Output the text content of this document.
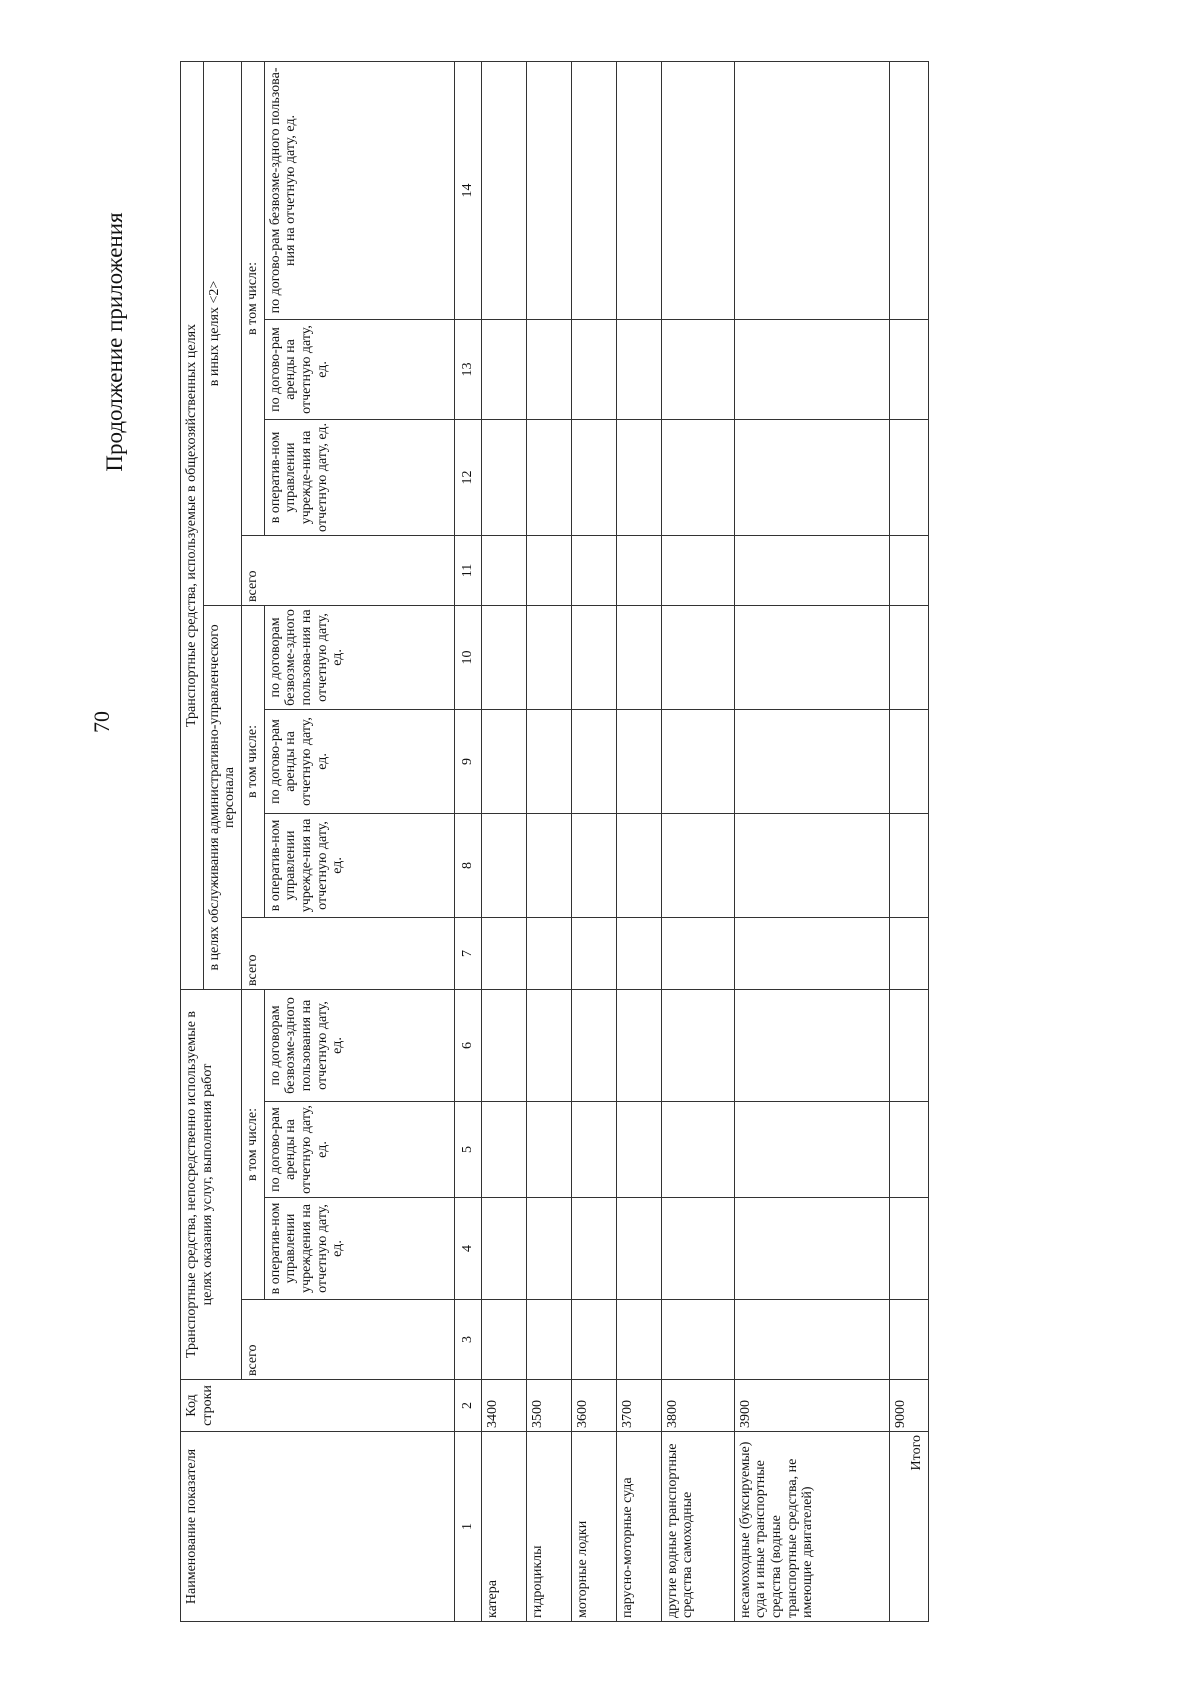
70
Продолжение приложения
Наименование показателя	Код строки	Транспортные средства, непосредственно используемые в целях оказания услуг, выполнения работ				Транспортные средства, используемые в общехозяйственных целях							
						в целях обслуживания административно-управленческого персонала				в иных целях <2>			
		всего	в том числе:			всего	в том числе:			всего	в том числе:		
			в оператив-ном управлении учреждения на отчетную дату, ед.	по догово-рам аренды на отчетную дату, ед.	по договорам безвозме-здного пользования на отчетную дату, ед.		в оператив-ном управлении учрежде-ния на отчетную дату, ед.	по догово-рам аренды на отчетную дату, ед.	по договорам безвозме-здного пользова-ния на отчетную дату, ед.		в оператив-ном управлении учрежде-ния на отчетную дату, ед.	по догово-рам аренды на отчетную дату, ед.	по догово-рам безвозме-здного пользова-ния на отчетную дату, ед.
1	2	3	4	5	6	7	8	9	10	11	12	13	14
катера	3400												
гидроциклы	3500												
моторные лодки	3600												
парусно-моторные суда	3700												
другие водные транспортные средства самоходные	3800												
несамоходные (буксируемые) суда и иные транспортные средства (водные транспортные средства, не имеющие двигателей)	3900												
Итого	9000												
